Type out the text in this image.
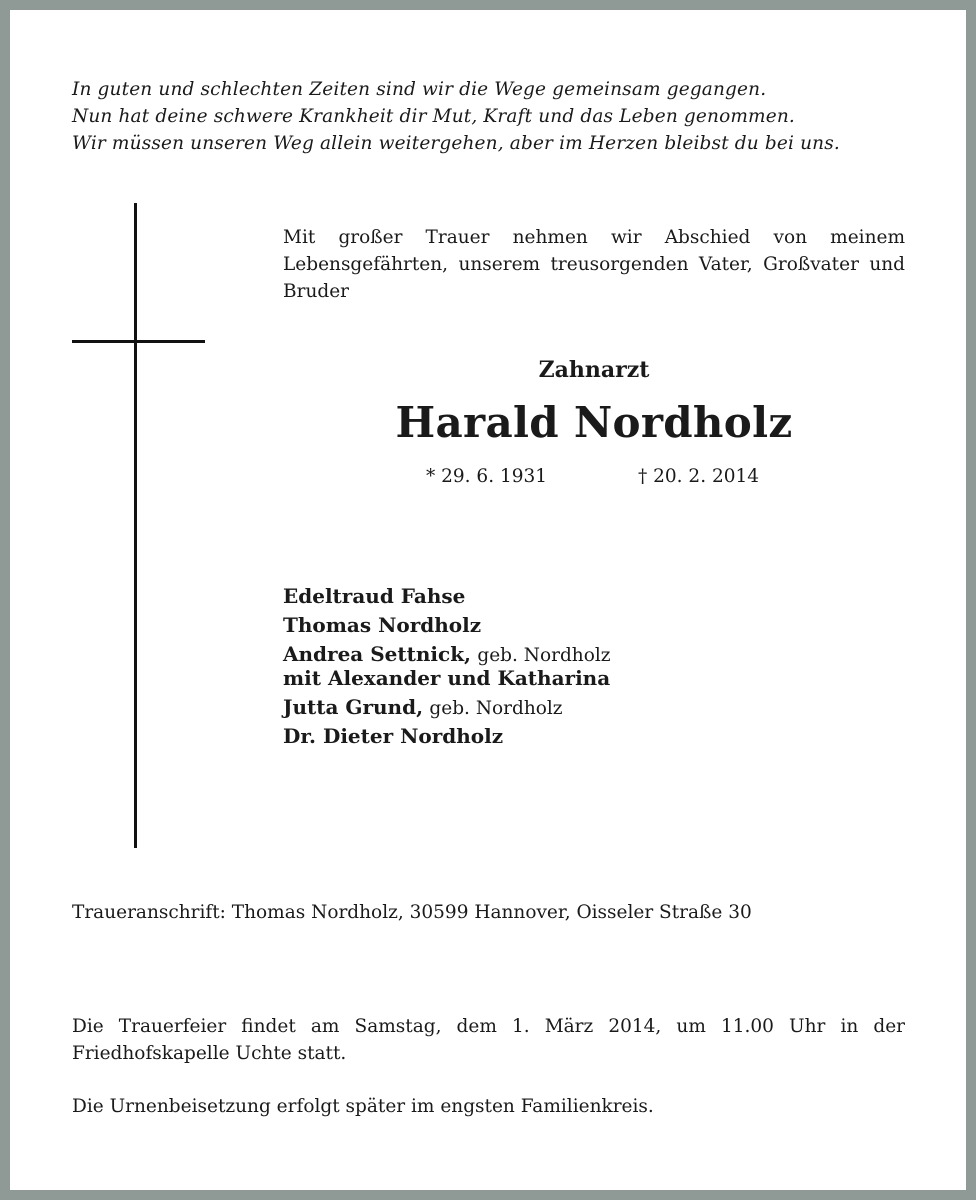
In guten und schlechten Zeiten sind wir die Wege gemeinsam gegangen.
Nun hat deine schwere Krankheit dir Mut, Kraft und das Leben genommen.
Wir müssen unseren Weg allein weitergehen, aber im Herzen bleibst du bei uns.
Mit großer Trauer nehmen wir Abschied von meinem Lebensgefährten, unserem treusorgenden Vater, Großvater und Bruder
Zahnarzt
Harald Nordholz
* 29. 6. 1931	† 20. 2. 2014
Edeltraud Fahse
Thomas Nordholz
Andrea Settnick, geb. Nordholz
mit Alexander und Katharina
Jutta Grund, geb. Nordholz
Dr. Dieter Nordholz
Traueranschrift: Thomas Nordholz, 30599 Hannover, Oisseler Straße 30
Die Trauerfeier findet am Samstag, dem 1. März 2014, um 11.00 Uhr in der Friedhofskapelle Uchte statt.
Die Urnenbeisetzung erfolgt später im engsten Familienkreis.
